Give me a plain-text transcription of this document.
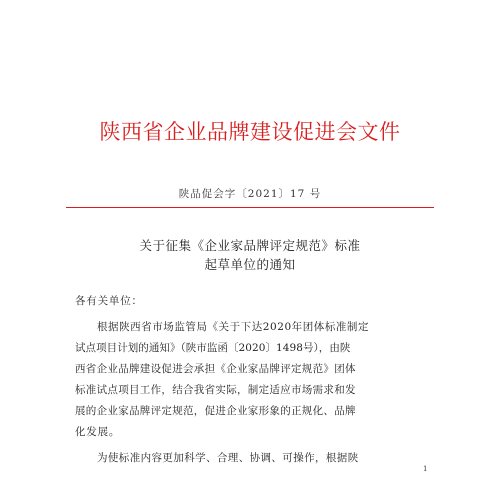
陕西省企业品牌建设促进会文件
陕品促会字〔2021〕17 号
关于征集《企业家品牌评定规范》标准
起草单位的通知
各有关单位：
根据陕西省市场监管局《关于下达2020年团体标准制定
试点项目计划的通知》（陕市监函〔2020〕1498号），由陕
西省企业品牌建设促进会承担《企业家品牌评定规范》团体
标准试点项目工作，结合我省实际，制定适应市场需求和发
展的企业家品牌评定规范，促进企业家形象的正规化、品牌
化发展。
为使标准内容更加科学、合理、协调、可操作，根据陕
1
